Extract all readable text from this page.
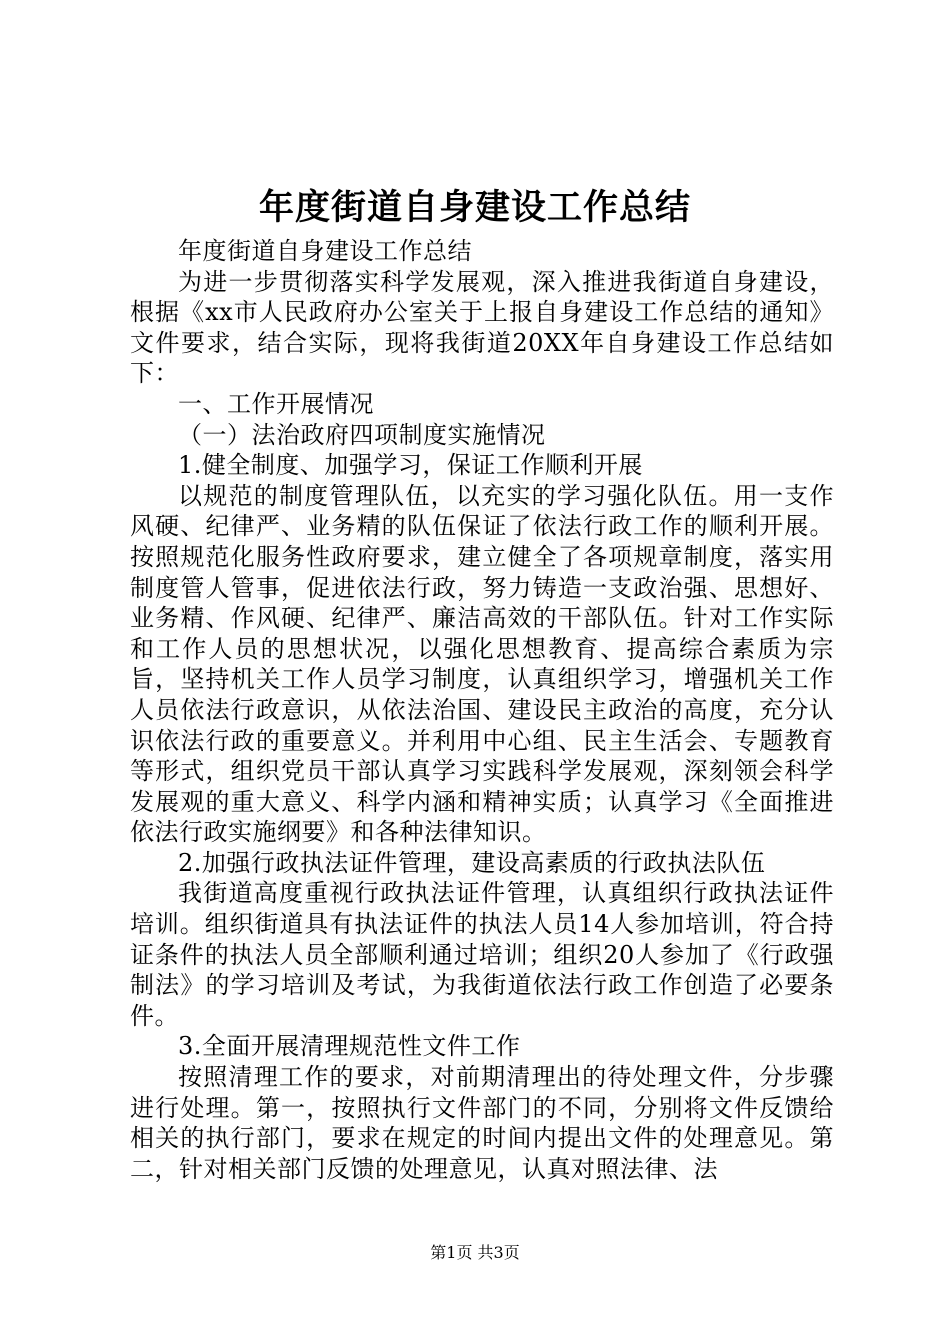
年度街道自身建设工作总结

年度街道自身建设工作总结

为进一步贯彻落实科学发展观，深入推进我街道自身建设，根据《xx市人民政府办公室关于上报自身建设工作总结的通知》文件要求，结合实际，现将我街道20XX年自身建设工作总结如下：

一、工作开展情况

（一）法治政府四项制度实施情况

1.健全制度、加强学习，保证工作顺利开展

以规范的制度管理队伍，以充实的学习强化队伍。用一支作风硬、纪律严、业务精的队伍保证了依法行政工作的顺利开展。按照规范化服务性政府要求，建立健全了各项规章制度，落实用制度管人管事，促进依法行政，努力铸造一支政治强、思想好、业务精、作风硬、纪律严、廉洁高效的干部队伍。针对工作实际和工作人员的思想状况，以强化思想教育、提高综合素质为宗旨，坚持机关工作人员学习制度，认真组织学习，增强机关工作人员依法行政意识，从依法治国、建设民主政治的高度，充分认识依法行政的重要意义。并利用中心组、民主生活会、专题教育等形式，组织党员干部认真学习实践科学发展观，深刻领会科学发展观的重大意义、科学内涵和精神实质；认真学习《全面推进依法行政实施纲要》和各种法律知识。

2.加强行政执法证件管理，建设高素质的行政执法队伍

我街道高度重视行政执法证件管理，认真组织行政执法证件培训。组织街道具有执法证件的执法人员14人参加培训，符合持证条件的执法人员全部顺利通过培训；组织20人参加了《行政强制法》的学习培训及考试，为我街道依法行政工作创造了必要条件。

3.全面开展清理规范性文件工作

按照清理工作的要求，对前期清理出的待处理文件，分步骤进行处理。第一，按照执行文件部门的不同，分别将文件反馈给相关的执行部门，要求在规定的时间内提出文件的处理意见。第二，针对相关部门反馈的处理意见，认真对照法律、法

第1页 共3页
